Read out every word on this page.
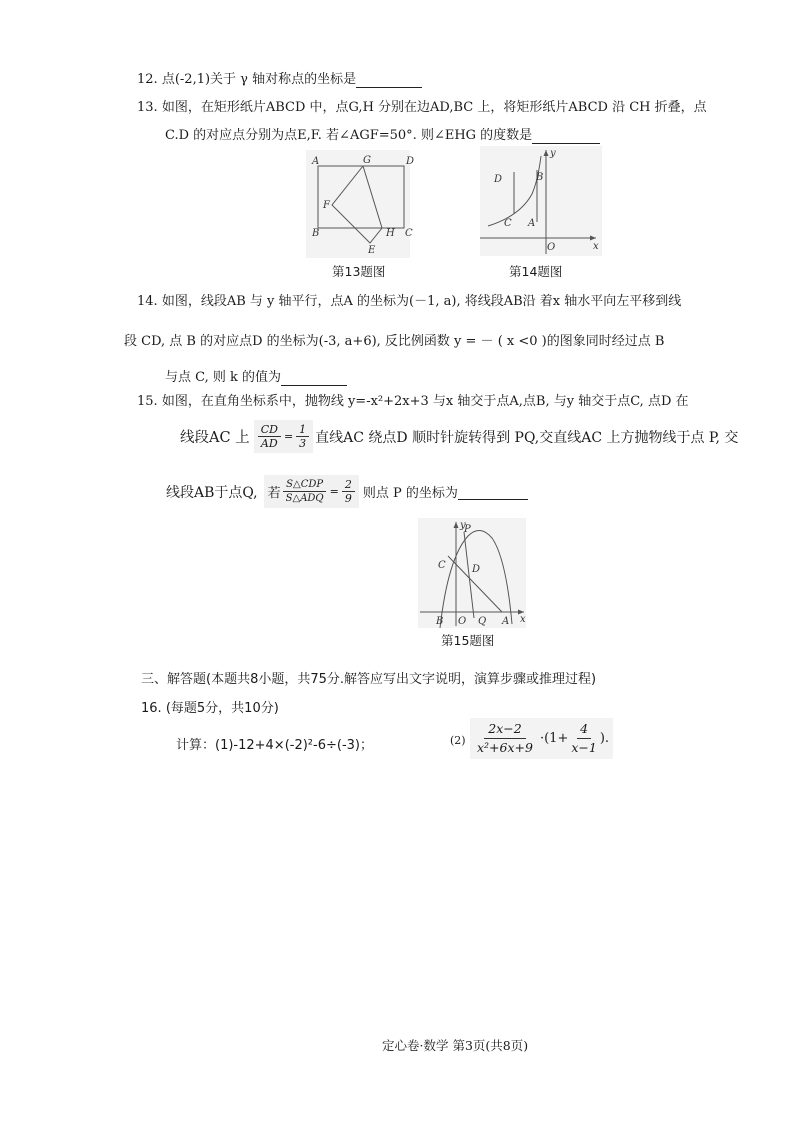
12. 点(-2,1)关于 γ 轴对称点的坐标是
13. 如图，在矩形纸片ABCD 中，点G,H 分别在边AD,BC 上，将矩形纸片ABCD 沿 CH 折叠，点
C.D 的对应点分别为点E,F. 若∠AGF=50°. 则∠EHG 的度数是
A	G	D
F
B
E
H C
第13题图
y
D	B
C A
O	x
第14题图
14. 如图，线段AB 与 y 轴平行，点A 的坐标为(－1, a), 将线段AB沿 着x 轴水平向左平移到线
段 CD, 点 B 的对应点D 的坐标为(-3, a+6), 反比例函数 y = － ( x <0 )的图象同时经过点 B
与点 C, 则 k 的值为
15. 如图，在直角坐标系中，抛物线 y=-x²+2x+3 与x 轴交于点A,点B, 与y 轴交于点C, 点D 在
线段AC 上 $\frac{CD}{AD} = \frac{1}{3}$ 直线AC 绕点D 顺时针旋转得到 PQ,交直线AC 上方抛物线于点 P, 交
线段AB于点Q, 若 $\frac{\text{S△CDP}}{\text{S△ADQ}} = \frac{2}{9}$ 则点 P 的坐标为

y
P
C	D
B O Q A x
第15题图
三、解答题(本题共8小题，共75分.解答应写出文字说明，演算步骤或推理过程)
16. (每题5分，共10分)
计算：(1)-12+4×(-2)²-6÷(-3)；	$(2) \frac{2x-2}{\text{x²+6x+9}} \cdot(1+ \frac{4}{x-1}$ ).
定心卷·数学 第3页(共8页)
